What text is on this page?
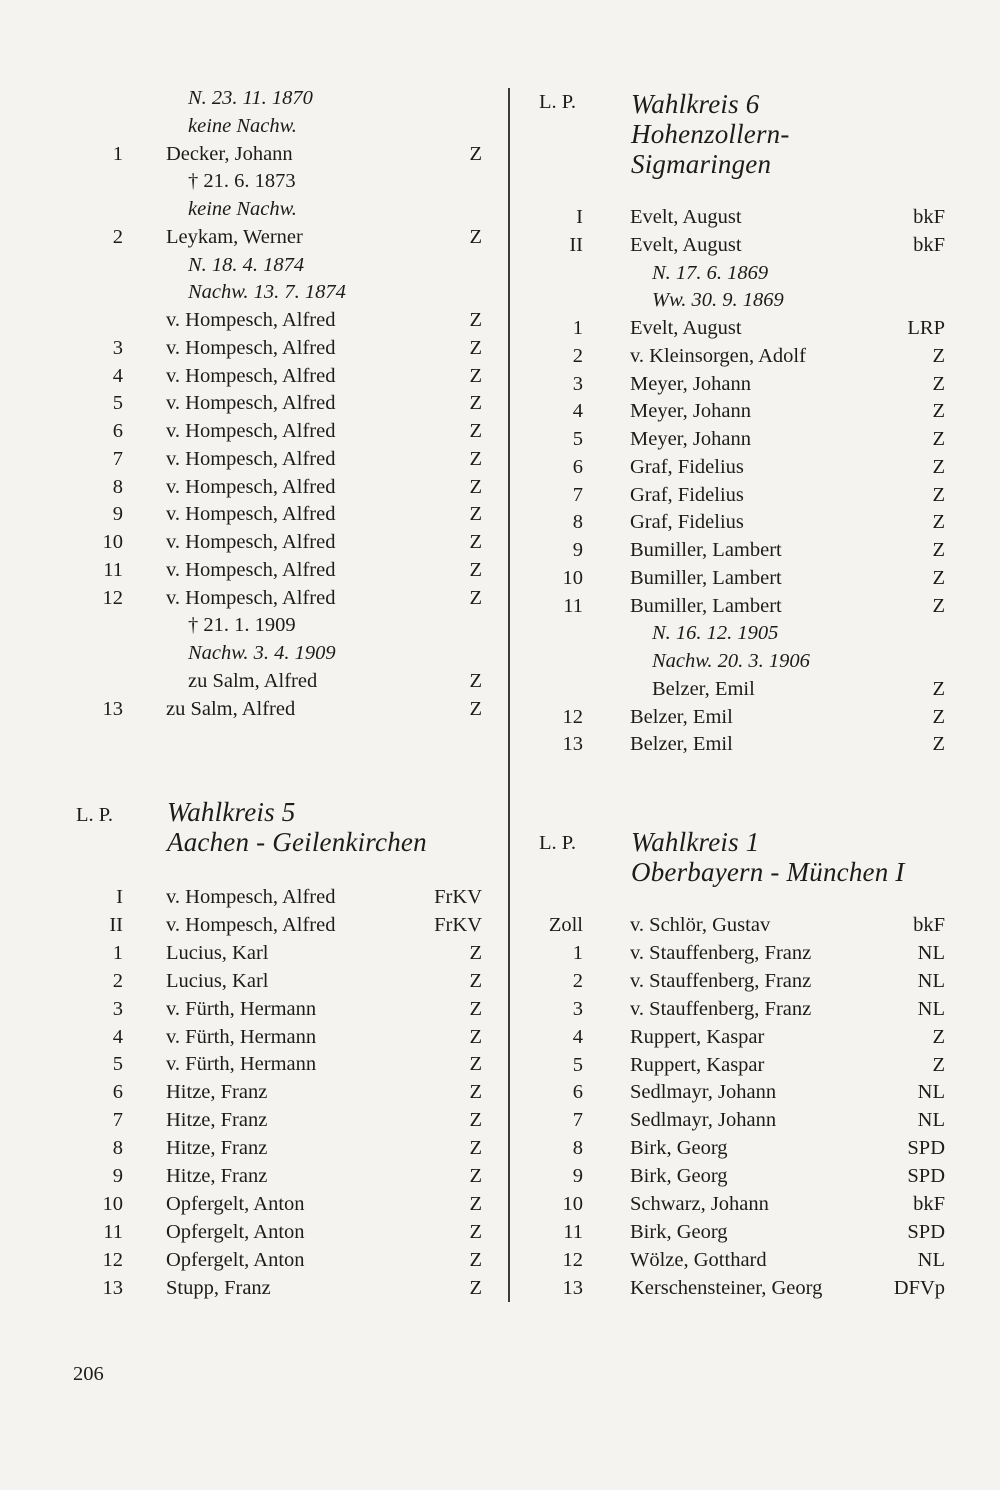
N. 23. 11. 1870
keine Nachw.
1 Decker, Johann	Z
† 21. 6. 1873
keine Nachw.
2 Leykam, Werner	Z
N. 18. 4. 1874
Nachw. 13. 7. 1874
v. Hompesch, Alfred	Z
3 v. Hompesch, Alfred	Z
4 v. Hompesch, Alfred	Z
5 v. Hompesch, Alfred	Z
6 v. Hompesch, Alfred	Z
7 v. Hompesch, Alfred	Z
8 v. Hompesch, Alfred	Z
9 v. Hompesch, Alfred	Z
10 v. Hompesch, Alfred	Z
11 v. Hompesch, Alfred	Z
12 v. Hompesch, Alfred	Z
† 21. 1. 1909
Nachw. 3. 4. 1909
zu Salm, Alfred	Z
13 zu Salm, Alfred	Z
L. P. Wahlkreis 5
Aachen - Geilenkirchen
I v. Hompesch, Alfred	FrKV
II v. Hompesch, Alfred	FrKV
1 Lucius, Karl	Z
2 Lucius, Karl	Z
3 v. Fürth, Hermann	Z
4 v. Fürth, Hermann	Z
5 v. Fürth, Hermann	Z
6 Hitze, Franz	Z
7 Hitze, Franz	Z
8 Hitze, Franz	Z
9 Hitze, Franz	Z
10 Opfergelt, Anton	Z
11 Opfergelt, Anton	Z
12 Opfergelt, Anton	Z
13 Stupp, Franz	Z
L. P. Wahlkreis 6
Hohenzollern-
Sigmaringen
I Evelt, August	bkF
II Evelt, August	bkF
N. 17. 6. 1869
Ww. 30. 9. 1869
1 Evelt, August	LRP
2 v. Kleinsorgen, Adolf	Z
3 Meyer, Johann	Z
4 Meyer, Johann	Z
5 Meyer, Johann	Z
6 Graf, Fidelius	Z
7 Graf, Fidelius	Z
8 Graf, Fidelius	Z
9 Bumiller, Lambert	Z
10 Bumiller, Lambert	Z
11 Bumiller, Lambert	Z
N. 16. 12. 1905
Nachw. 20. 3. 1906
Belzer, Emil	Z
12 Belzer, Emil	Z
13 Belzer, Emil	Z
L. P. Wahlkreis 1
Oberbayern - München I
Zoll v. Schlör, Gustav	bkF
1 v. Stauffenberg, Franz	NL
2 v. Stauffenberg, Franz	NL
3 v. Stauffenberg, Franz	NL
4 Ruppert, Kaspar	Z
5 Ruppert, Kaspar	Z
6 Sedlmayr, Johann	NL
7 Sedlmayr, Johann	NL
8 Birk, Georg	SPD
9 Birk, Georg	SPD
10 Schwarz, Johann	bkF
11 Birk, Georg	SPD
12 Wölze, Gotthard	NL
13 Kerschensteiner, Georg	DFVp
206
